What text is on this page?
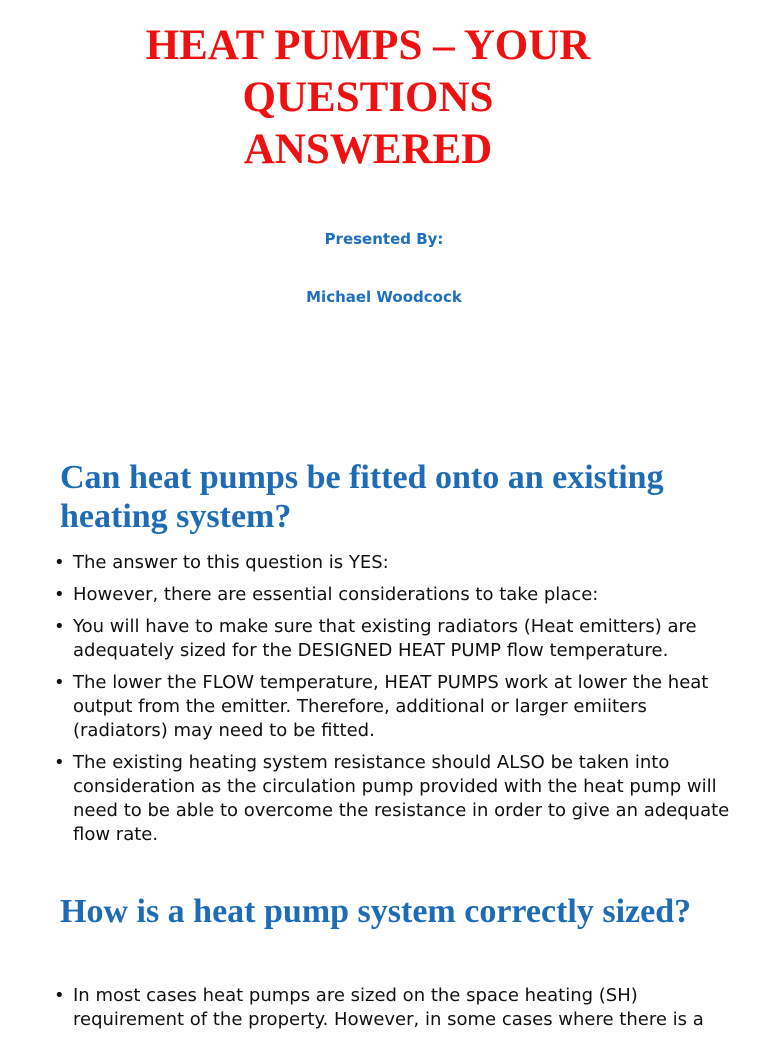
HEAT PUMPS – YOUR
QUESTIONS
ANSWERED
Presented By:
Michael Woodcock
Can heat pumps be fitted onto an existing heating system?
• The answer to this question is YES:
• However, there are essential considerations to take place:
• You will have to make sure that existing radiators (Heat emitters) are adequately sized for the DESIGNED HEAT PUMP flow temperature.
• The lower the FLOW temperature, HEAT PUMPS work at lower the heat output from the emitter. Therefore, additional or larger emiiters (radiators) may need to be fitted.
• The existing heating system resistance should ALSO be taken into consideration as the circulation pump provided with the heat pump will need to be able to overcome the resistance in order to give an adequate flow rate.
How is a heat pump system correctly sized?
• In most cases heat pumps are sized on the space heating (SH) requirement of the property. However, in some cases where there is a
